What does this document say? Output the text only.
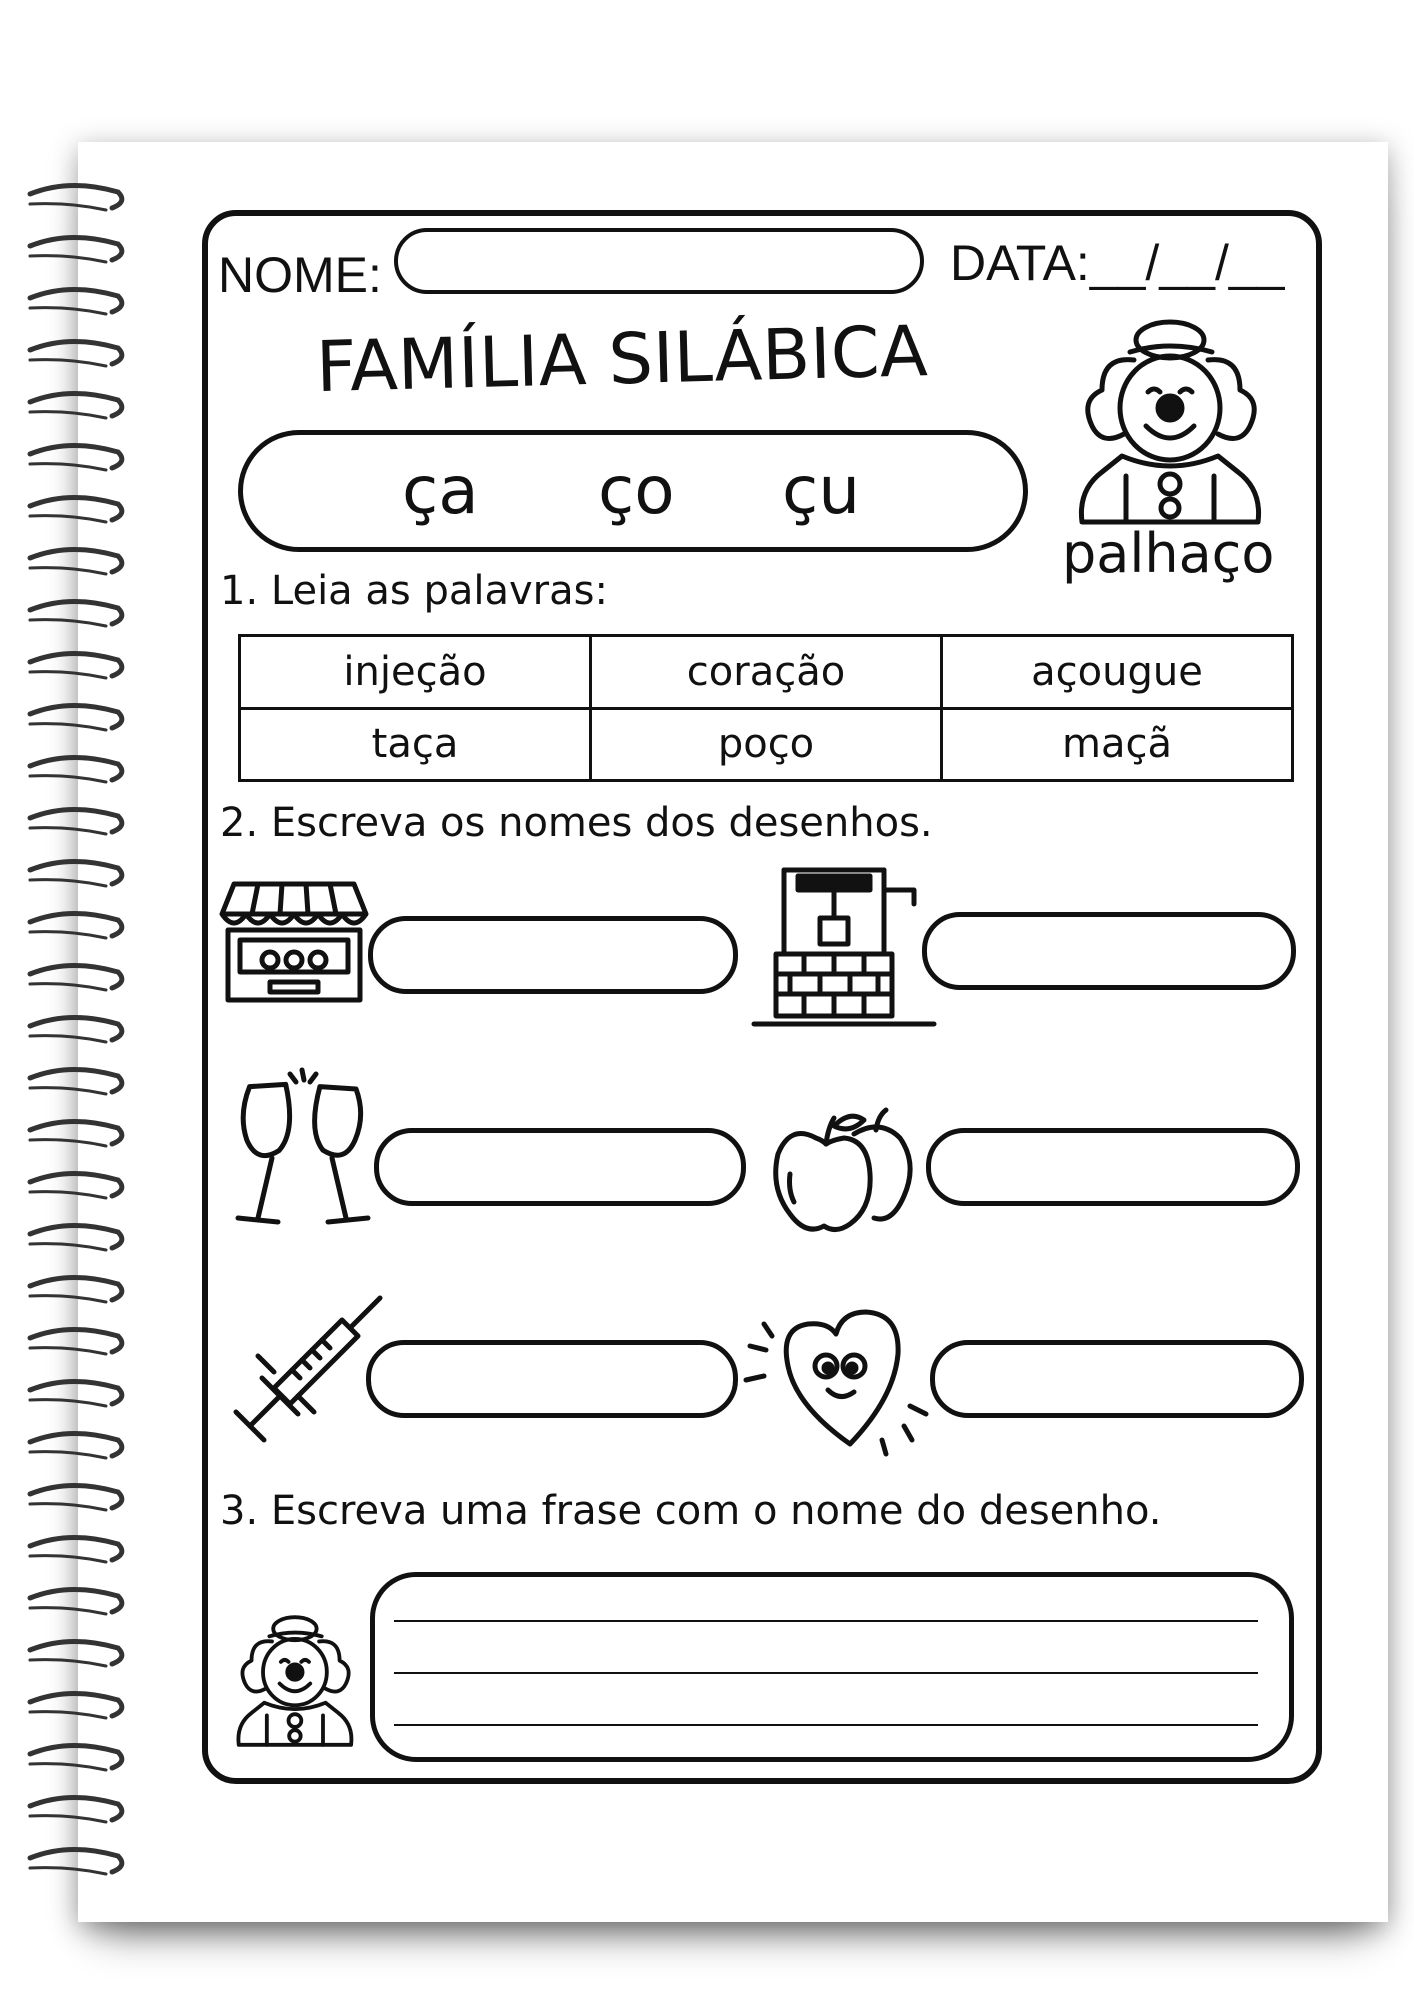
NOME:	DATA:__/__/__
FAMÍLIA SILÁBICA
ça ço çu
palhaço
1. Leia as palavras:
injeção	coração	açougue
taça	poço	maçã
2. Escreva os nomes dos desenhos.
3. Escreva uma frase com o nome do desenho.
